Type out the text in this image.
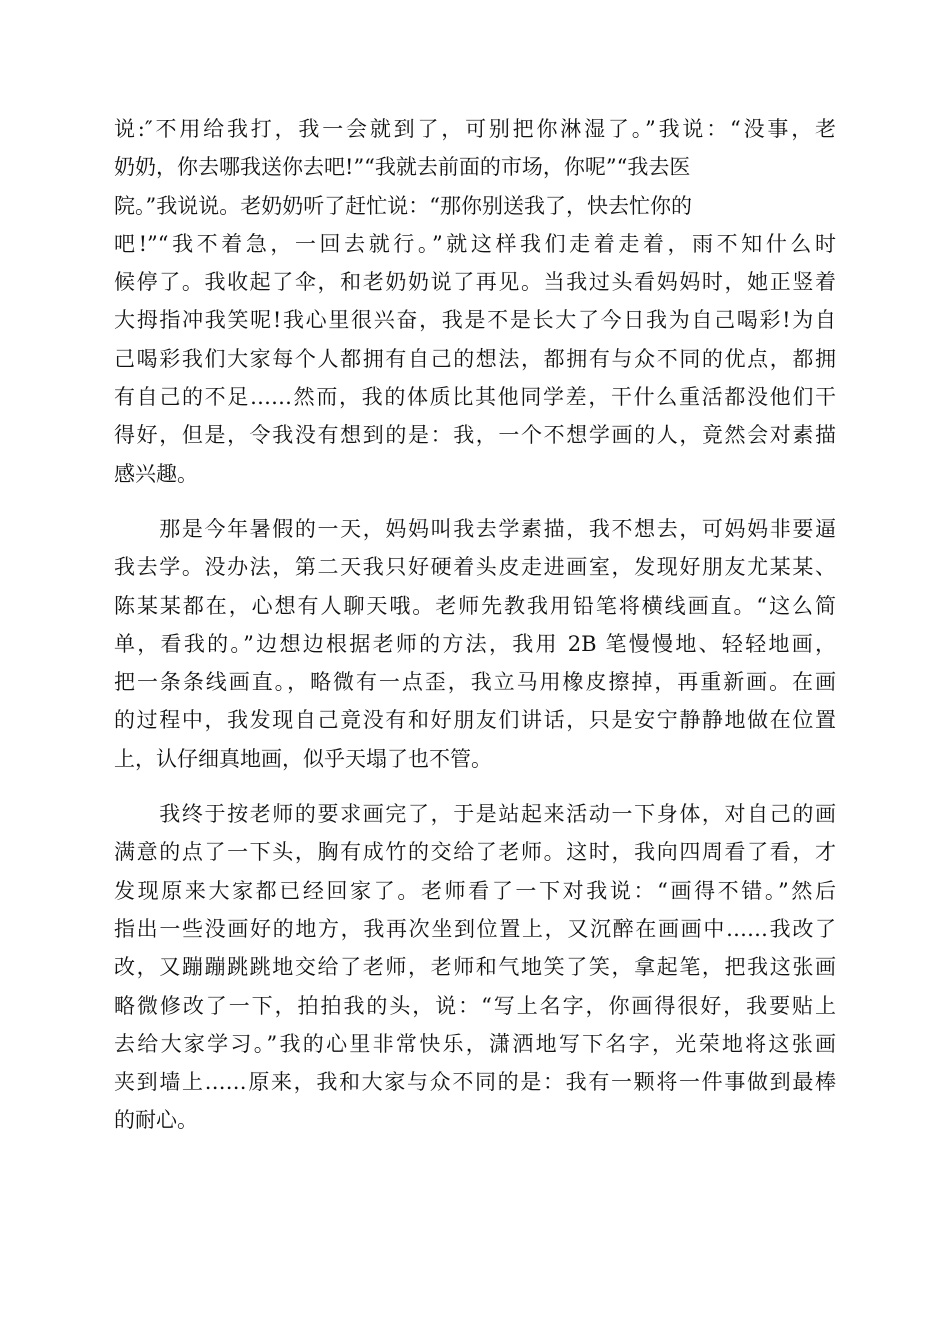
说:″不用给我打，我一会就到了，可别把你淋湿了。”我说：“没事，老
奶奶，你去哪我送你去吧!”“我就去前面的市场，你呢”“我去医
院。”我说说。老奶奶听了赶忙说：“那你别送我了，快去忙你的
吧!”“我不着急，一回去就行。”就这样我们走着走着，雨不知什么时
候停了。我收起了伞，和老奶奶说了再见。当我过头看妈妈时，她正竖着
大拇指冲我笑呢!我心里很兴奋，我是不是长大了今日我为自己喝彩!为自
己喝彩我们大家每个人都拥有自己的想法，都拥有与众不同的优点，都拥
有自己的不足……然而，我的体质比其他同学差，干什么重活都没他们干
得好，但是，令我没有想到的是：我，一个不想学画的人，竟然会对素描
感兴趣。
　　那是今年暑假的一天，妈妈叫我去学素描，我不想去，可妈妈非要逼
我去学。没办法，第二天我只好硬着头皮走进画室，发现好朋友尤某某、
陈某某都在，心想有人聊天哦。老师先教我用铅笔将横线画直。“这么简
单，看我的。”边想边根据老师的方法，我用 2B 笔慢慢地、轻轻地画，
把一条条线画直。，略微有一点歪，我立马用橡皮擦掉，再重新画。在画
的过程中，我发现自己竟没有和好朋友们讲话，只是安宁静静地做在位置
上，认仔细真地画，似乎天塌了也不管。
　　我终于按老师的要求画完了，于是站起来活动一下身体，对自己的画
满意的点了一下头，胸有成竹的交给了老师。这时，我向四周看了看，才
发现原来大家都已经回家了。老师看了一下对我说：“画得不错。”然后
指出一些没画好的地方，我再次坐到位置上，又沉醉在画画中……我改了
改，又蹦蹦跳跳地交给了老师，老师和气地笑了笑，拿起笔，把我这张画
略微修改了一下，拍拍我的头，说：“写上名字，你画得很好，我要贴上
去给大家学习。”我的心里非常快乐，潇洒地写下名字，光荣地将这张画
夹到墙上……原来，我和大家与众不同的是：我有一颗将一件事做到最棒
的耐心。
